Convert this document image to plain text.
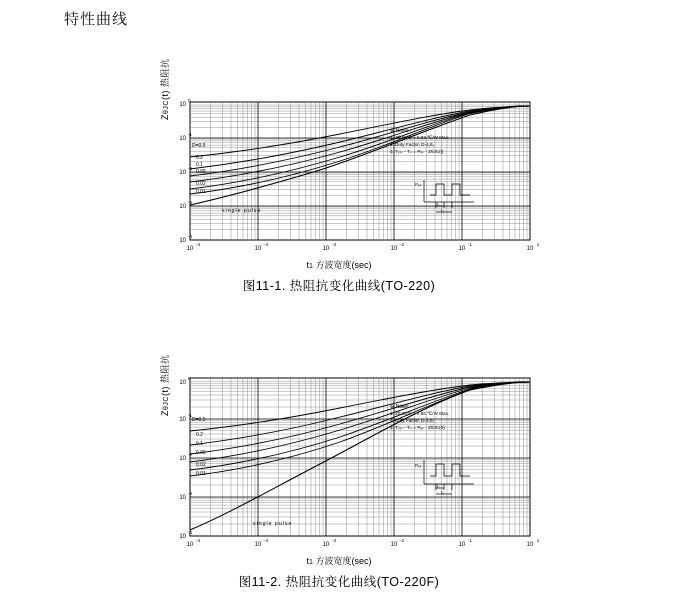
特性曲线
10
-4
10
-4
10
-3
10
-2
10
-1
10
1
10
-4
10
-3
10
-2
10
-1
10
0
ZθJC(t) 热阻抗
t1 方波宽度(sec)
※ Notes :
1. ZθJC(0) = 0.83 ℃/W Max.
2. Duty Factor, D=t₁/t₂
3. Tⱼ₍ₚ₎ - T₌ = Pₑₖ · ZθJC(t)
single pulse
D=0.5
0.2
0.1
0.05
0.02
0.01
Pₑₖ
t₁
t₂
图11-1. 热阻抗变化曲线(TO-220)
10
-4
10
-4
10
-3
10
-2
10
-1
10
1
10
-4
10
-3
10
-2
10
-1
10
0
ZθJC(t) 热阻抗
t1 方波宽度(sec)
※ Notes :
1. ZθJC(0) = 2.86 ℃/W Max.
2. Duty Factor, D=t₁/t₂
3. Tⱼ₍ₚ₎ - T₌ = Pₑₖ · ZθJC(0)
single pulse
D=0.5
0.2
0.1
0.05
0.02
0.01
Pₑₖ
t₁
t₂
图11-2. 热阻抗变化曲线(TO-220F)
